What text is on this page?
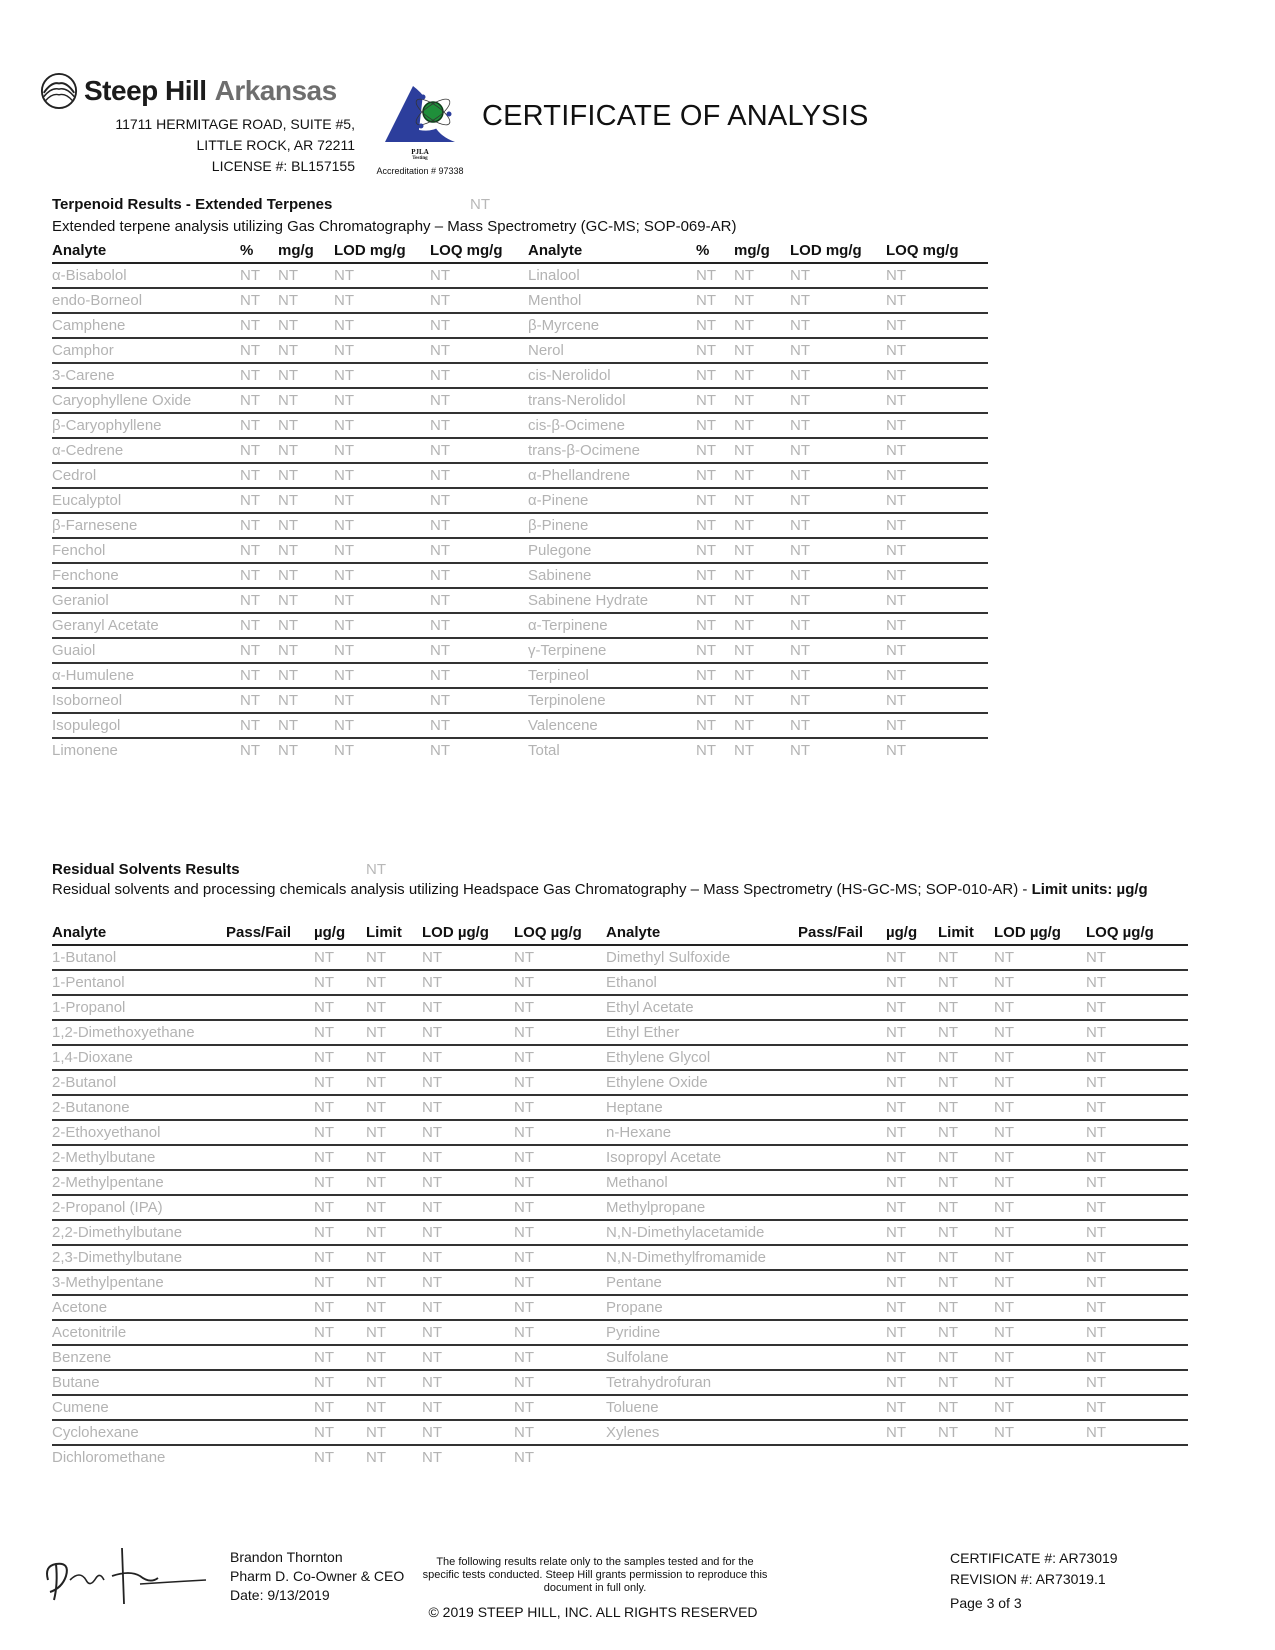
Steep Hill Arkansas
11711 HERMITAGE ROAD, SUITE #5,
LITTLE ROCK, AR 72211
LICENSE #: BL157155
PJLA
Testing
Accreditation # 97338
CERTIFICATE OF ANALYSIS
Terpenoid Results - Extended Terpenes	NT
Extended terpene analysis utilizing Gas Chromatography – Mass Spectrometry (GC-MS; SOP-069-AR)
Analyte	%	mg/g	LOD mg/g	LOQ mg/g	Analyte	%	mg/g	LOD mg/g	LOQ mg/g
α-Bisabolol	NT	NT	NT	NT	Linalool	NT	NT	NT	NT
endo-Borneol	NT	NT	NT	NT	Menthol	NT	NT	NT	NT
Camphene	NT	NT	NT	NT	β-Myrcene	NT	NT	NT	NT
Camphor	NT	NT	NT	NT	Nerol	NT	NT	NT	NT
3-Carene	NT	NT	NT	NT	cis-Nerolidol	NT	NT	NT	NT
Caryophyllene Oxide	NT	NT	NT	NT	trans-Nerolidol	NT	NT	NT	NT
β-Caryophyllene	NT	NT	NT	NT	cis-β-Ocimene	NT	NT	NT	NT
α-Cedrene	NT	NT	NT	NT	trans-β-Ocimene	NT	NT	NT	NT
Cedrol	NT	NT	NT	NT	α-Phellandrene	NT	NT	NT	NT
Eucalyptol	NT	NT	NT	NT	α-Pinene	NT	NT	NT	NT
β-Farnesene	NT	NT	NT	NT	β-Pinene	NT	NT	NT	NT
Fenchol	NT	NT	NT	NT	Pulegone	NT	NT	NT	NT
Fenchone	NT	NT	NT	NT	Sabinene	NT	NT	NT	NT
Geraniol	NT	NT	NT	NT	Sabinene Hydrate	NT	NT	NT	NT
Geranyl Acetate	NT	NT	NT	NT	α-Terpinene	NT	NT	NT	NT
Guaiol	NT	NT	NT	NT	γ-Terpinene	NT	NT	NT	NT
α-Humulene	NT	NT	NT	NT	Terpineol	NT	NT	NT	NT
Isoborneol	NT	NT	NT	NT	Terpinolene	NT	NT	NT	NT
Isopulegol	NT	NT	NT	NT	Valencene	NT	NT	NT	NT
Limonene	NT	NT	NT	NT	Total	NT	NT	NT	NT
Residual Solvents Results	NT
Residual solvents and processing chemicals analysis utilizing Headspace Gas Chromatography – Mass Spectrometry (HS-GC-MS; SOP-010-AR) - Limit units: µg/g
Analyte	Pass/Fail	µg/g	Limit	LOD µg/g	LOQ µg/g	Analyte	Pass/Fail	µg/g	Limit	LOD µg/g	LOQ µg/g
1-Butanol		NT	NT	NT	NT	Dimethyl Sulfoxide		NT	NT	NT	NT
1-Pentanol		NT	NT	NT	NT	Ethanol		NT	NT	NT	NT
1-Propanol		NT	NT	NT	NT	Ethyl Acetate		NT	NT	NT	NT
1,2-Dimethoxyethane		NT	NT	NT	NT	Ethyl Ether		NT	NT	NT	NT
1,4-Dioxane		NT	NT	NT	NT	Ethylene Glycol		NT	NT	NT	NT
2-Butanol		NT	NT	NT	NT	Ethylene Oxide		NT	NT	NT	NT
2-Butanone		NT	NT	NT	NT	Heptane		NT	NT	NT	NT
2-Ethoxyethanol		NT	NT	NT	NT	n-Hexane		NT	NT	NT	NT
2-Methylbutane		NT	NT	NT	NT	Isopropyl Acetate		NT	NT	NT	NT
2-Methylpentane		NT	NT	NT	NT	Methanol		NT	NT	NT	NT
2-Propanol (IPA)		NT	NT	NT	NT	Methylpropane		NT	NT	NT	NT
2,2-Dimethylbutane		NT	NT	NT	NT	N,N-Dimethylacetamide		NT	NT	NT	NT
2,3-Dimethylbutane		NT	NT	NT	NT	N,N-Dimethylfromamide		NT	NT	NT	NT
3-Methylpentane		NT	NT	NT	NT	Pentane		NT	NT	NT	NT
Acetone		NT	NT	NT	NT	Propane		NT	NT	NT	NT
Acetonitrile		NT	NT	NT	NT	Pyridine		NT	NT	NT	NT
Benzene		NT	NT	NT	NT	Sulfolane		NT	NT	NT	NT
Butane		NT	NT	NT	NT	Tetrahydrofuran		NT	NT	NT	NT
Cumene		NT	NT	NT	NT	Toluene		NT	NT	NT	NT
Cyclohexane		NT	NT	NT	NT	Xylenes		NT	NT	NT	NT
Dichloromethane		NT	NT	NT	NT						
Brandon Thornton
Pharm D. Co-Owner & CEO
Date: 9/13/2019
The following results relate only to the samples tested and for the specific tests conducted. Steep Hill grants permission to reproduce this document in full only.
© 2019 STEEP HILL, INC. ALL RIGHTS RESERVED
CERTIFICATE #: AR73019
REVISION #: AR73019.1
Page 3 of 3
